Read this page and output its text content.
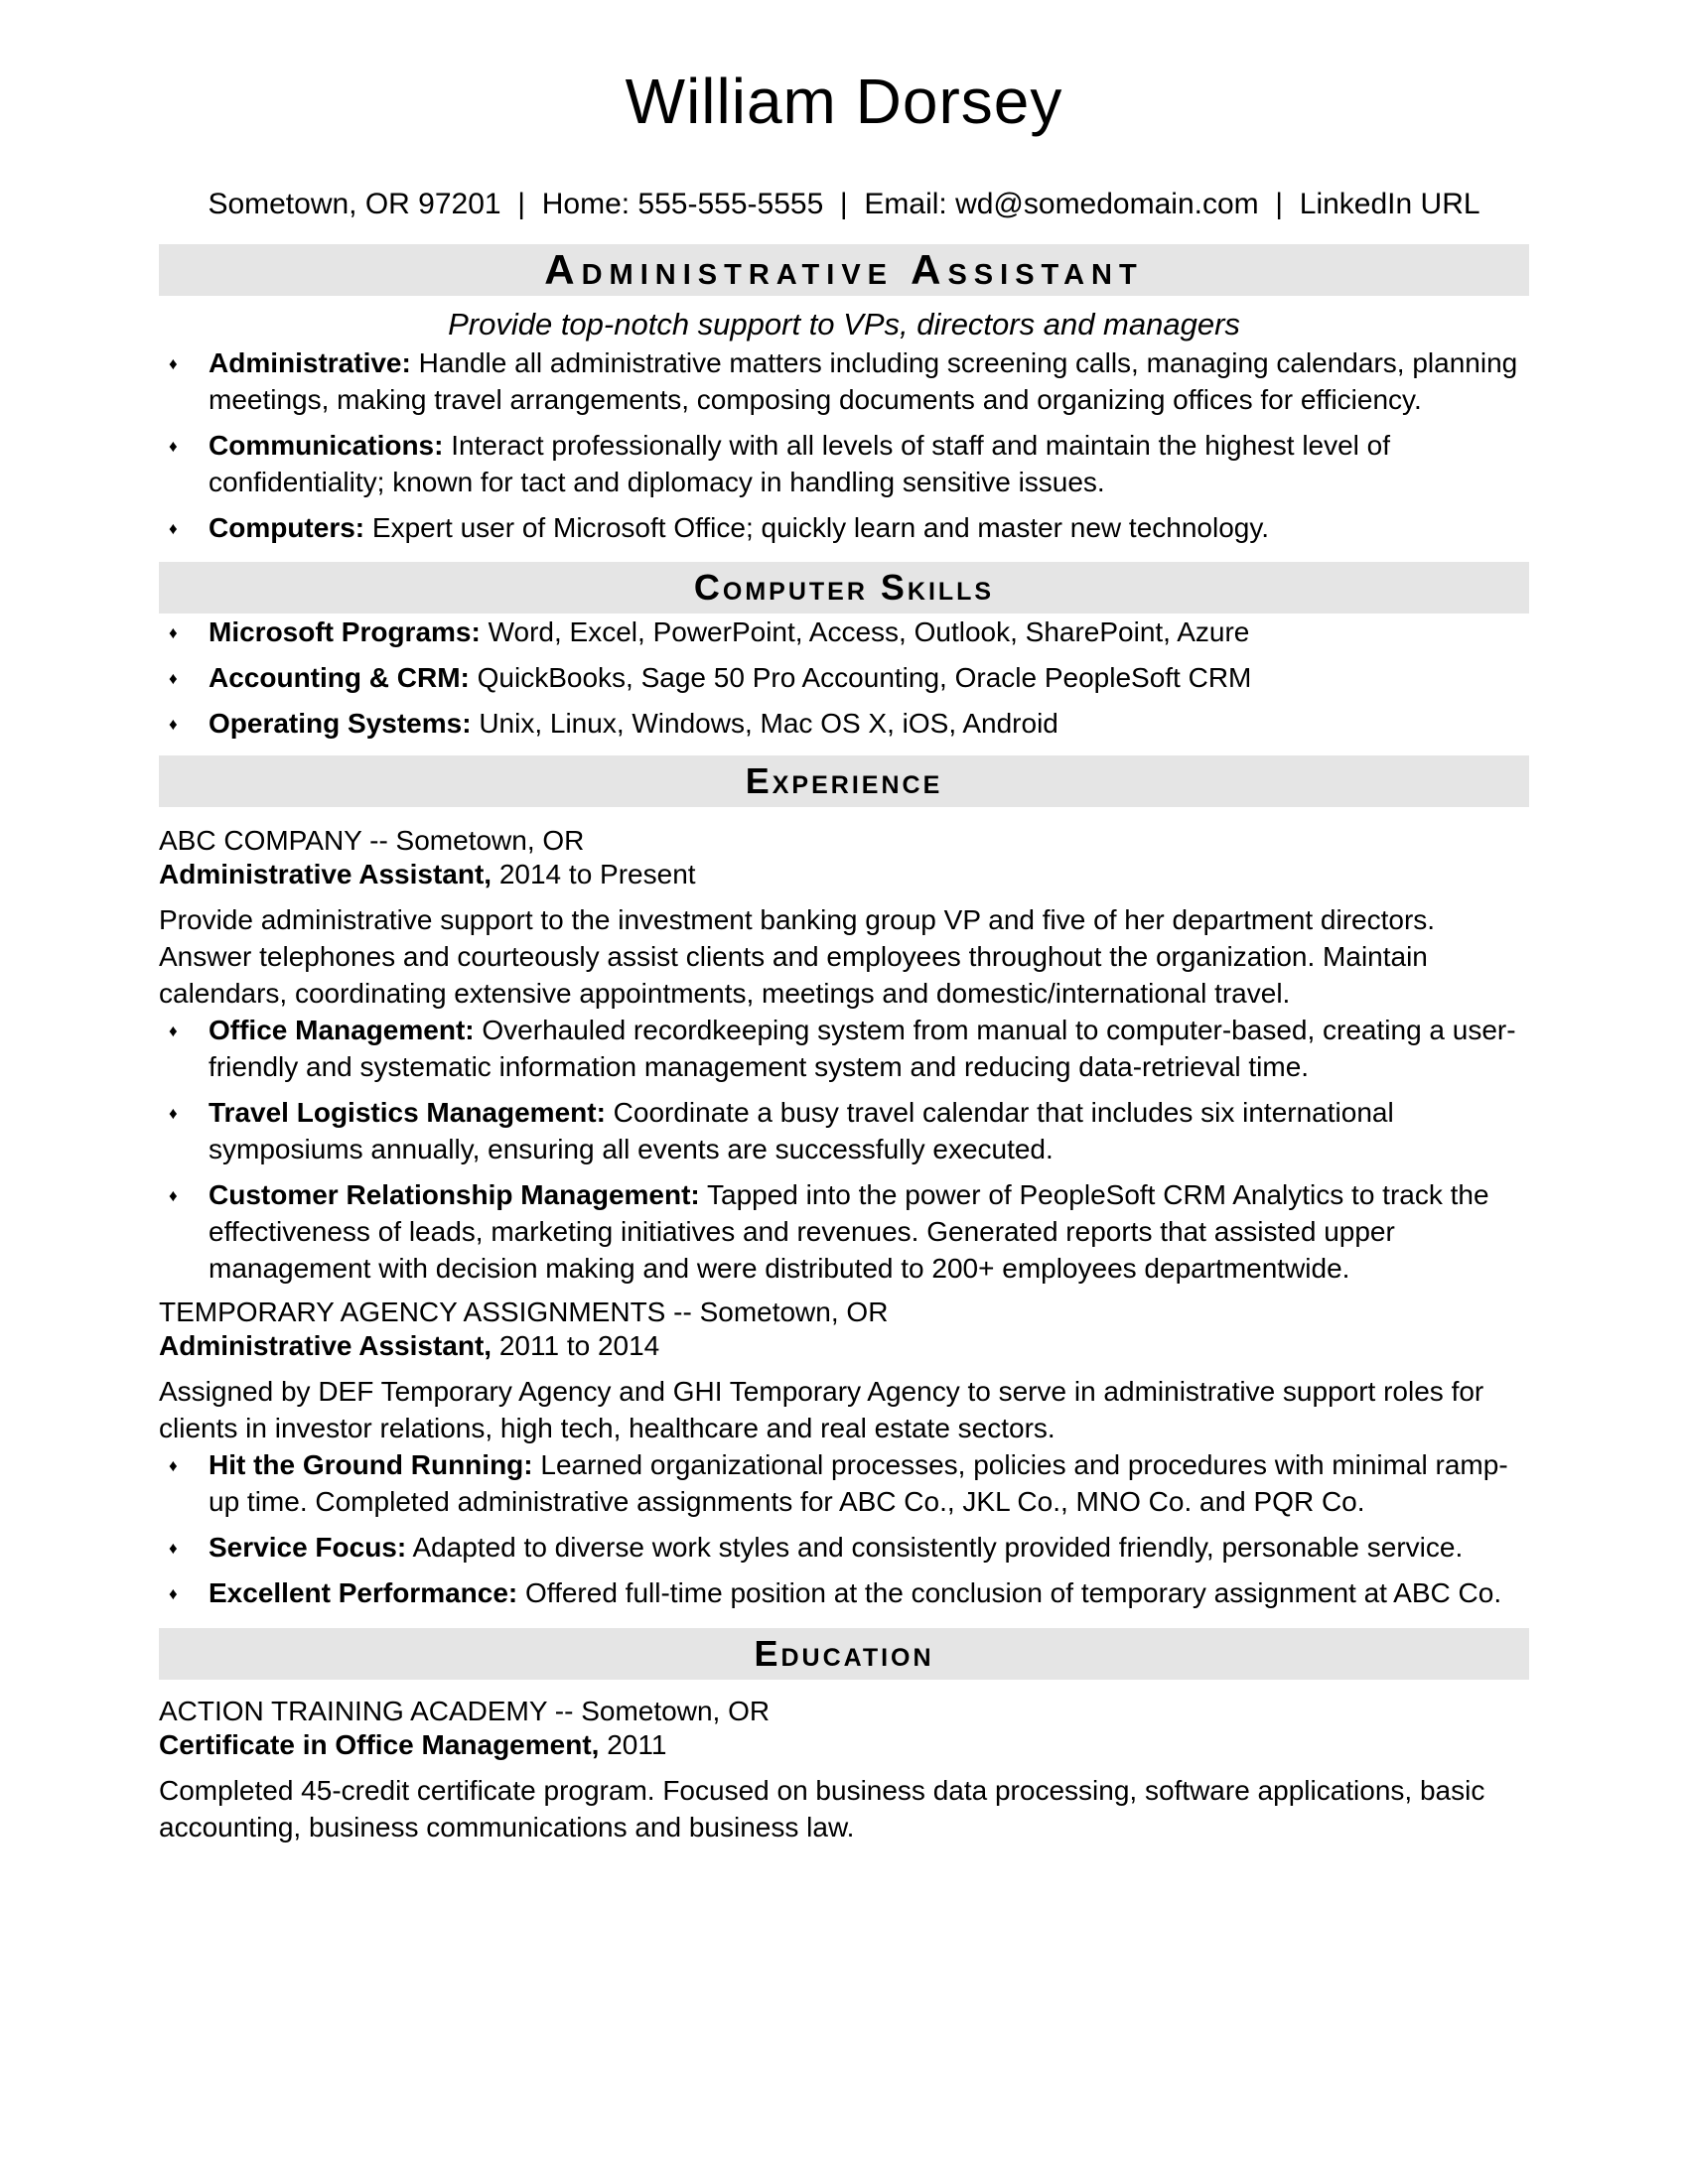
William Dorsey
Sometown, OR 97201  |  Home: 555-555-5555  |  Email: wd@somedomain.com  |  LinkedIn URL
Administrative Assistant
Provide top-notch support to VPs, directors and managers
♦ Administrative: Handle all administrative matters including screening calls, managing calendars, planning meetings, making travel arrangements, composing documents and organizing offices for efficiency.
♦ Communications: Interact professionally with all levels of staff and maintain the highest level of confidentiality; known for tact and diplomacy in handling sensitive issues.
♦ Computers: Expert user of Microsoft Office; quickly learn and master new technology.
Computer Skills
♦ Microsoft Programs: Word, Excel, PowerPoint, Access, Outlook, SharePoint, Azure
♦ Accounting & CRM: QuickBooks, Sage 50 Pro Accounting, Oracle PeopleSoft CRM
♦ Operating Systems: Unix, Linux, Windows, Mac OS X, iOS, Android
Experience
ABC COMPANY -- Sometown, OR
Administrative Assistant, 2014 to Present

Provide administrative support to the investment banking group VP and five of her department directors. Answer telephones and courteously assist clients and employees throughout the organization. Maintain calendars, coordinating extensive appointments, meetings and domestic/international travel.

♦ Office Management: Overhauled recordkeeping system from manual to computer-based, creating a user-friendly and systematic information management system and reducing data-retrieval time.
♦ Travel Logistics Management: Coordinate a busy travel calendar that includes six international symposiums annually, ensuring all events are successfully executed.
♦ Customer Relationship Management: Tapped into the power of PeopleSoft CRM Analytics to track the effectiveness of leads, marketing initiatives and revenues. Generated reports that assisted upper management with decision making and were distributed to 200+ employees departmentwide.
TEMPORARY AGENCY ASSIGNMENTS -- Sometown, OR
Administrative Assistant, 2011 to 2014

Assigned by DEF Temporary Agency and GHI Temporary Agency to serve in administrative support roles for clients in investor relations, high tech, healthcare and real estate sectors.

♦ Hit the Ground Running: Learned organizational processes, policies and procedures with minimal ramp-up time. Completed administrative assignments for ABC Co., JKL Co., MNO Co. and PQR Co.
♦ Service Focus: Adapted to diverse work styles and consistently provided friendly, personable service.
♦ Excellent Performance: Offered full-time position at the conclusion of temporary assignment at ABC Co.
Education
ACTION TRAINING ACADEMY -- Sometown, OR
Certificate in Office Management, 2011

Completed 45-credit certificate program. Focused on business data processing, software applications, basic accounting, business communications and business law.
